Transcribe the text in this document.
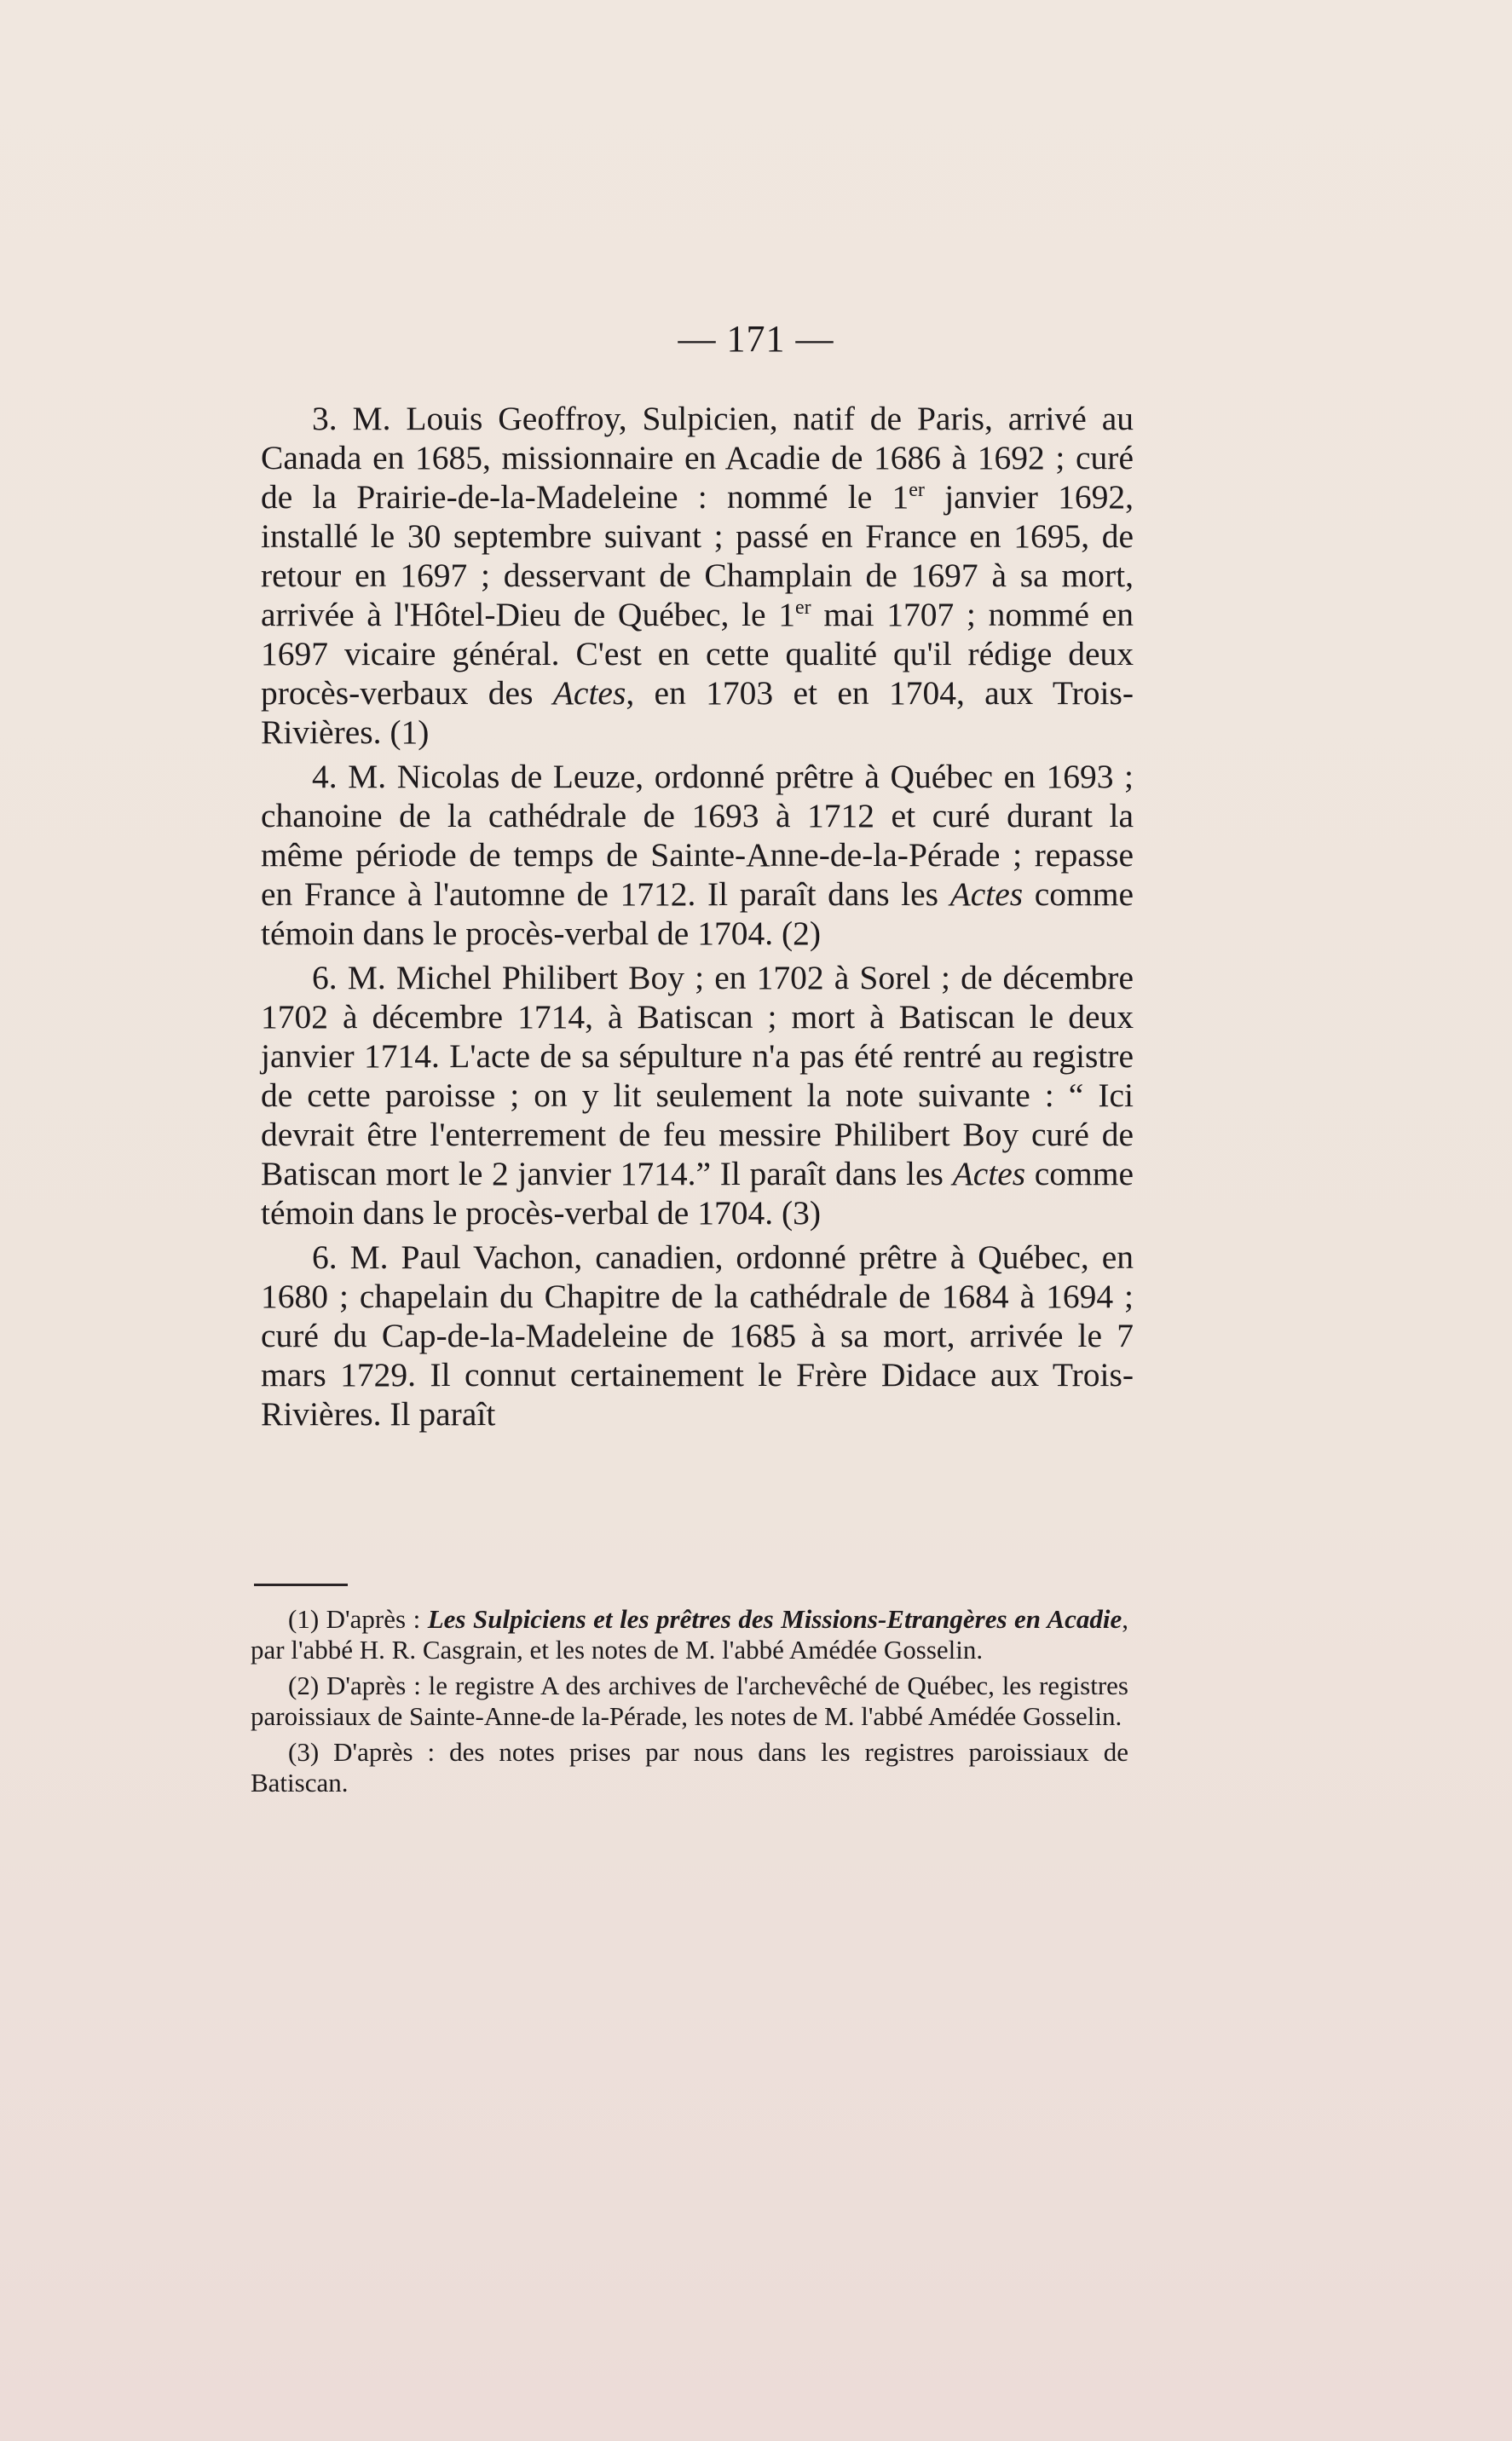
— 171 —

3. M. Louis Geoffroy, Sulpicien, natif de Paris, arrivé au Canada en 1685, missionnaire en Acadie de 1686 à 1692 ; curé de la Prairie-de-la-Madeleine : nommé le 1er janvier 1692, installé le 30 septembre suivant ; passé en France en 1695, de retour en 1697 ; desservant de Champlain de 1697 à sa mort, arrivée à l'Hôtel-Dieu de Québec, le 1er mai 1707 ; nommé en 1697 vicaire général. C'est en cette qualité qu'il rédige deux procès-verbaux des Actes, en 1703 et en 1704, aux Trois-Rivières. (1)

4. M. Nicolas de Leuze, ordonné prêtre à Québec en 1693 ; chanoine de la cathédrale de 1693 à 1712 et curé durant la même période de temps de Sainte-Anne-de-la-Pérade ; repasse en France à l'automne de 1712. Il paraît dans les Actes comme témoin dans le procès-verbal de 1704. (2)

6. M. Michel Philibert Boy ; en 1702 à Sorel ; de décembre 1702 à décembre 1714, à Batiscan ; mort à Batiscan le deux janvier 1714. L'acte de sa sépulture n'a pas été rentré au registre de cette paroisse ; on y lit seulement la note suivante : “ Ici devrait être l'enterrement de feu messire Philibert Boy curé de Batiscan mort le 2 janvier 1714.” Il paraît dans les Actes comme témoin dans le procès-verbal de 1704. (3)

6. M. Paul Vachon, canadien, ordonné prêtre à Québec, en 1680 ; chapelain du Chapitre de la cathédrale de 1684 à 1694 ; curé du Cap-de-la-Madeleine de 1685 à sa mort, arrivée le 7 mars 1729. Il connut certainement le Frère Didace aux Trois-Rivières. Il paraît

(1) D'après : Les Sulpiciens et les prêtres des Missions-Etrangères en Acadie, par l'abbé H. R. Casgrain, et les notes de M. l'abbé Amédée Gosselin.

(2) D'après : le registre A des archives de l'archevêché de Québec, les registres paroissiaux de Sainte-Anne-de la-Pérade, les notes de M. l'abbé Amédée Gosselin.

(3) D'après : des notes prises par nous dans les registres paroissiaux de Batiscan.
